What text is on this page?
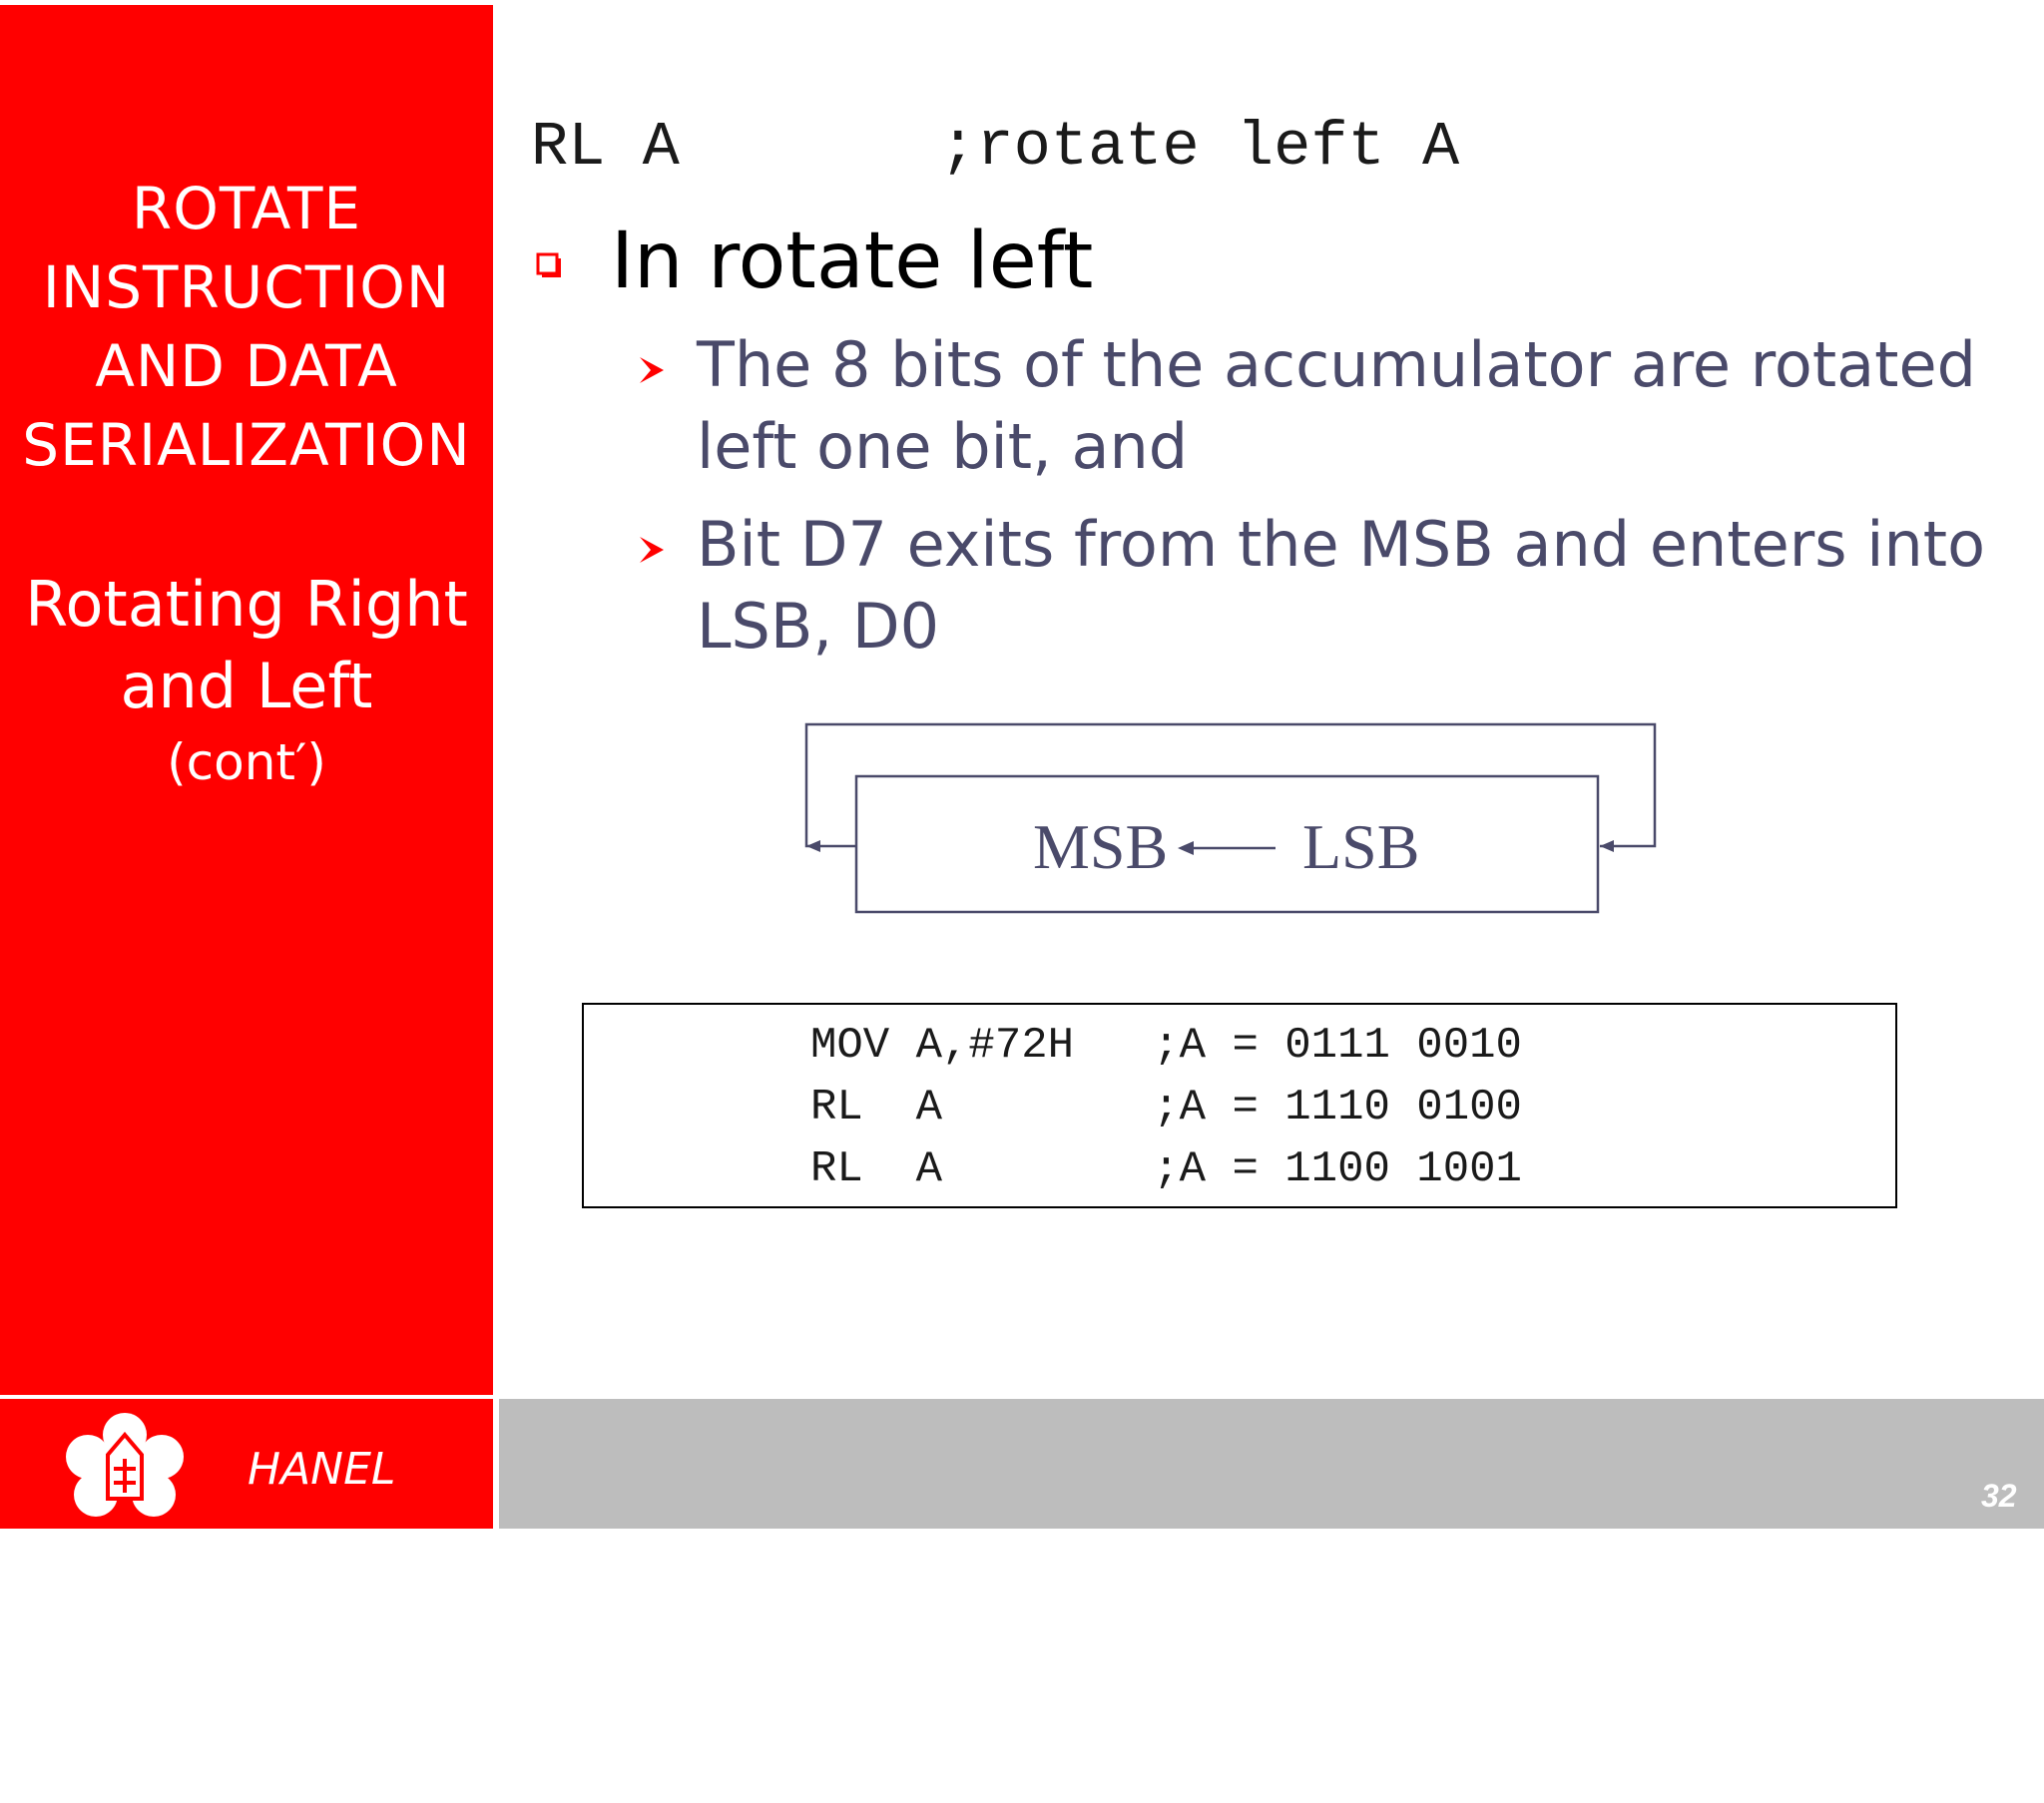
ROTATE
INSTRUCTION
AND DATA
SERIALIZATION
Rotating Right
and Left
(cont′)
RL A       ;rotate left A
In rotate left
The 8 bits of the accumulator are rotated left one bit, and
Bit D7 exits from the MSB and enters into LSB, D0
MSB LSB
MOV A,#72H   ;A = 0111 0010
RL  A        ;A = 1110 0100
RL  A        ;A = 1100 1001
HANEL

Department of Computer Science and Information Engineering

National Cheng Kung University, TAIWAN

32
